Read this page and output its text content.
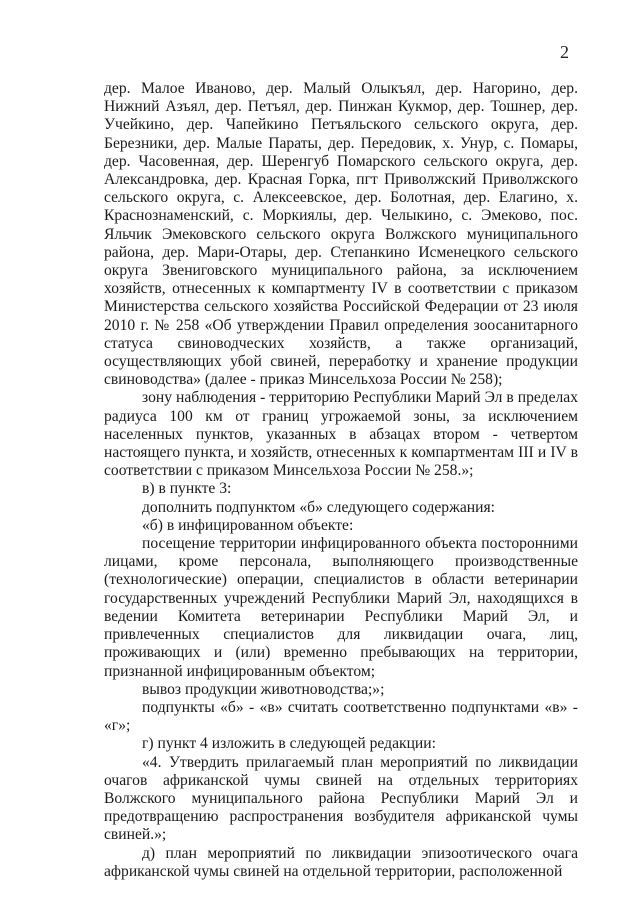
2

дер. Малое Иваново, дер. Малый Олыкъял, дер. Нагорино, дер. Нижний Азъял, дер. Петъял, дер. Пинжан Кукмор, дер. Тошнер, дер. Учейкино, дер. Чапейкино Петъяльского сельского округа, дер. Березники, дер. Малые Параты, дер. Передовик, х. Унур, с. Помары, дер. Часовенная, дер. Шеренгуб Помарского сельского округа, дер. Александровка, дер. Красная Горка, пгт Приволжский Приволжского сельского округа, с. Алексеевское, дер. Болотная, дер. Елагино, х. Краснознаменский, с. Моркиялы, дер. Челыкино, с. Эмеково, пос. Яльчик Эмековского сельского округа Волжского муниципального района, дер. Мари-Отары, дер. Степанкино Исменецкого сельского округа Звениговского муниципального района, за исключением хозяйств, отнесенных к компартменту IV в соответствии с приказом Министерства сельского хозяйства Российской Федерации от 23 июля 2010 г. № 258 «Об утверждении Правил определения зоосанитарного статуса свиноводческих хозяйств, а также организаций, осуществляющих убой свиней, переработку и хранение продукции свиноводства» (далее - приказ Минсельхоза России № 258);

зону наблюдения - территорию Республики Марий Эл в пределах радиуса 100 км от границ угрожаемой зоны, за исключением населенных пунктов, указанных в абзацах втором - четвертом настоящего пункта, и хозяйств, отнесенных к компартментам III и IV в соответствии с приказом Минсельхоза России № 258.»;

в) в пункте 3:

дополнить подпунктом «б» следующего содержания:

«б) в инфицированном объекте:

посещение территории инфицированного объекта посторонними лицами, кроме персонала, выполняющего производственные (технологические) операции, специалистов в области ветеринарии государственных учреждений Республики Марий Эл, находящихся в ведении Комитета ветеринарии Республики Марий Эл, и привлеченных специалистов для ликвидации очага, лиц, проживающих и (или) временно пребывающих на территории, признанной инфицированным объектом;

вывоз продукции животноводства;»;

подпункты «б» - «в» считать соответственно подпунктами «в» - «г»;

г) пункт 4 изложить в следующей редакции:

«4. Утвердить прилагаемый план мероприятий по ликвидации очагов африканской чумы свиней на отдельных территориях Волжского муниципального района Республики Марий Эл и предотвращению распространения возбудителя африканской чумы свиней.»;

д) план мероприятий по ликвидации эпизоотического очага африканской чумы свиней на отдельной территории, расположенной
